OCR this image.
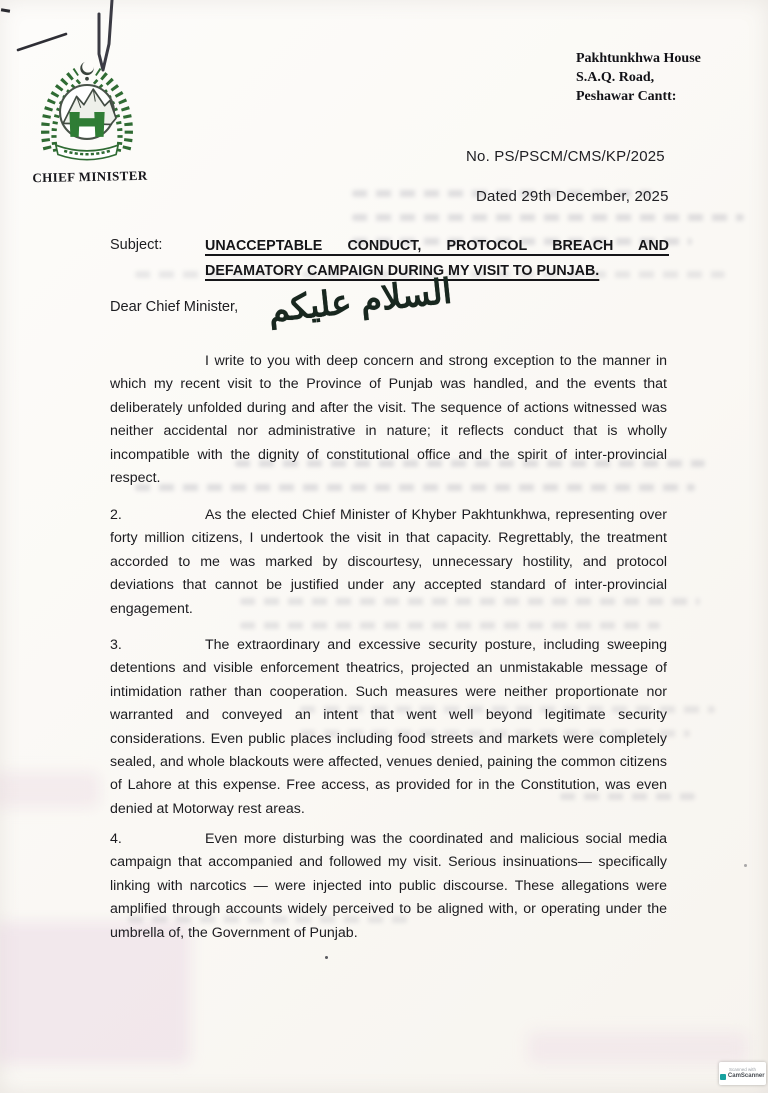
CHIEF MINISTER
Pakhtunkhwa House
S.A.Q. Road,
Peshawar Cantt:
No. PS/PSCM/CMS/KP/2025
Dated 29th December, 2025
Subject:	UNACCEPTABLE CONDUCT, PROTOCOL BREACH AND
DEFAMATORY CAMPAIGN DURING MY VISIT TO PUNJAB.
Dear Chief Minister, السلام عليكم
I write to you with deep concern and strong exception to the manner in which my recent visit to the Province of Punjab was handled, and the events that deliberately unfolded during and after the visit. The sequence of actions witnessed was neither accidental nor administrative in nature; it reflects conduct that is wholly incompatible with the dignity of constitutional office and the spirit of inter-provincial respect.
2.	As the elected Chief Minister of Khyber Pakhtunkhwa, representing over forty million citizens, I undertook the visit in that capacity. Regrettably, the treatment accorded to me was marked by discourtesy, unnecessary hostility, and protocol deviations that cannot be justified under any accepted standard of inter-provincial engagement.
3.	The extraordinary and excessive security posture, including sweeping detentions and visible enforcement theatrics, projected an unmistakable message of intimidation rather than cooperation. Such measures were neither proportionate nor warranted and conveyed an intent that went well beyond legitimate security considerations. Even public places including food streets and markets were completely sealed, and whole blackouts were affected, venues denied, paining the common citizens of Lahore at this expense. Free access, as provided for in the Constitution, was even denied at Motorway rest areas.
4.	Even more disturbing was the coordinated and malicious social media campaign that accompanied and followed my visit. Serious insinuations— specifically linking with narcotics — were injected into public discourse. These allegations were amplified through accounts widely perceived to be aligned with, or operating under the umbrella of, the Government of Punjab.
Scanned with
CamScanner
